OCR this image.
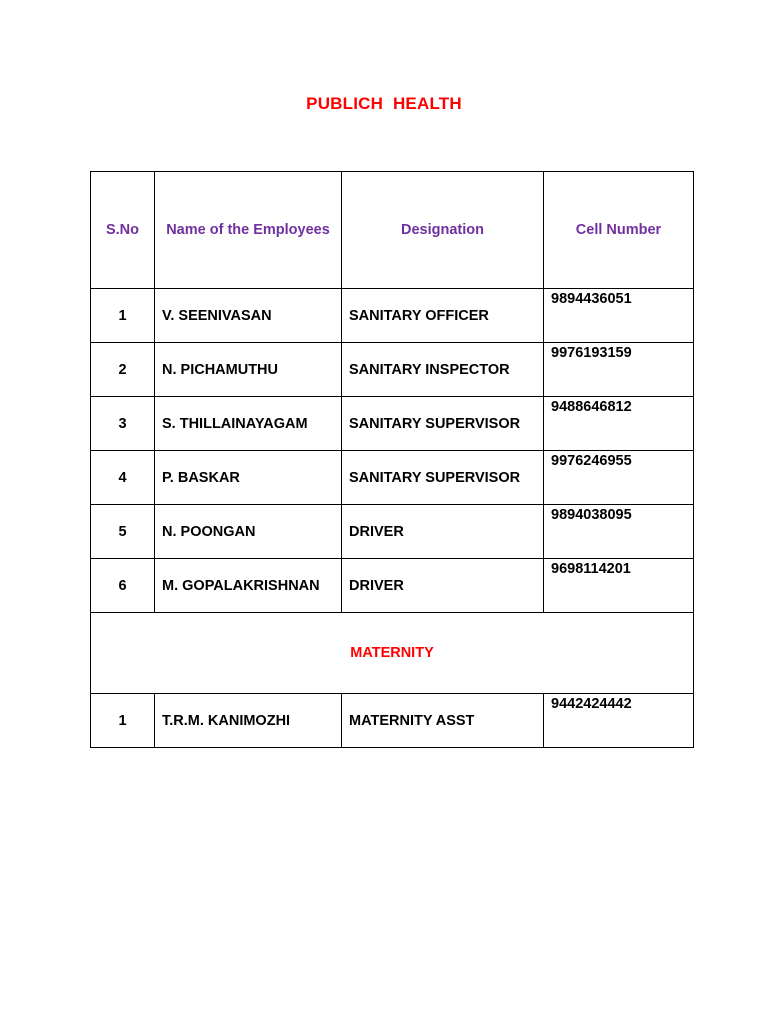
PUBLICH  HEALTH
S.No	Name of the Employees	Designation	Cell Number
1	V. SEENIVASAN	SANITARY OFFICER	9894436051
2	N. PICHAMUTHU	SANITARY INSPECTOR	9976193159
3	S. THILLAINAYAGAM	SANITARY SUPERVISOR	9488646812
4	P. BASKAR	SANITARY SUPERVISOR	9976246955
5	N. POONGAN	DRIVER	9894038095
6	M. GOPALAKRISHNAN	DRIVER	9698114201
MATERNITY			
1	T.R.M. KANIMOZHI	MATERNITY ASST	9442424442
